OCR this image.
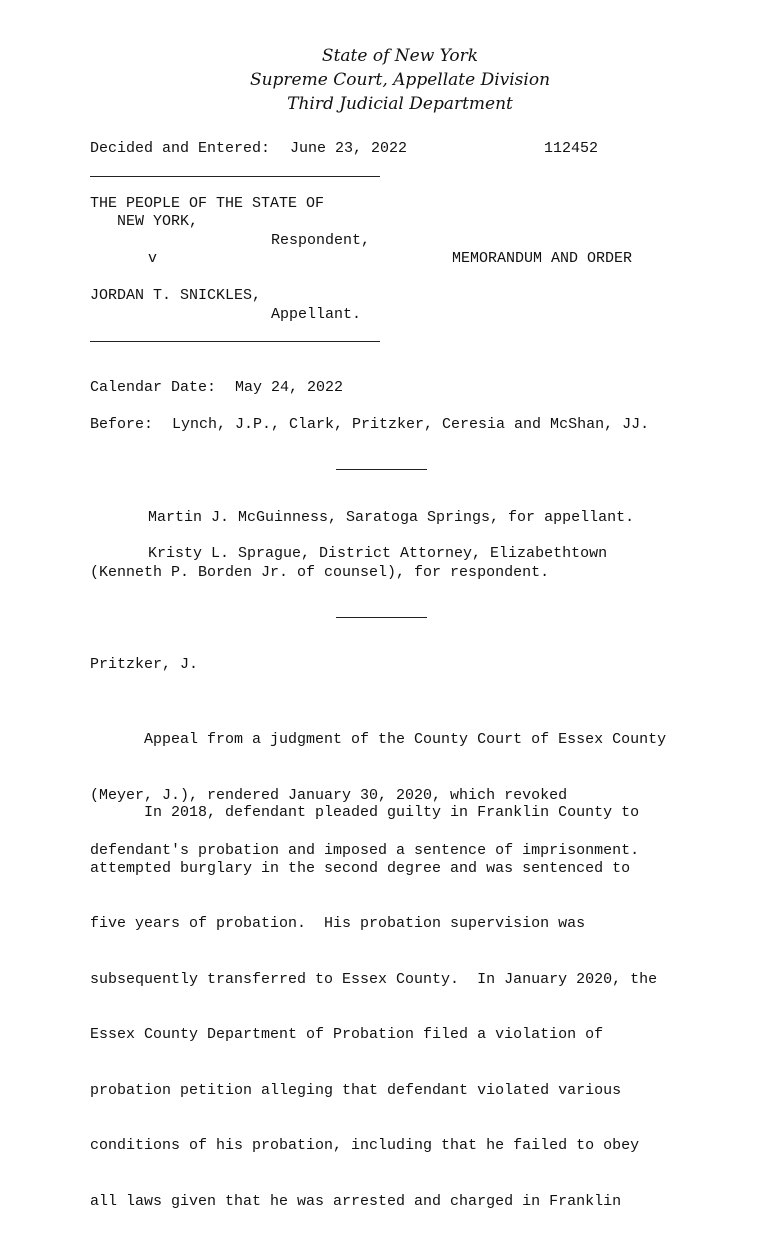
State of New York
Supreme Court, Appellate Division
Third Judicial Department
Decided and Entered: June 23, 2022	112452
THE PEOPLE OF THE STATE OF
NEW YORK,
Respondent,
v	MEMORANDUM AND ORDER
JORDAN T. SNICKLES,
Appellant.
Calendar Date: May 24, 2022
Before: Lynch, J.P., Clark, Pritzker, Ceresia and McShan, JJ.
Martin J. McGuinness, Saratoga Springs, for appellant.
Kristy L. Sprague, District Attorney, Elizabethtown
(Kenneth P. Borden Jr. of counsel), for respondent.
Pritzker, J.

Appeal from a judgment of the County Court of Essex County

(Meyer, J.), rendered January 30, 2020, which revoked

defendant's probation and imposed a sentence of imprisonment.

In 2018, defendant pleaded guilty in Franklin County to

attempted burglary in the second degree and was sentenced to

five years of probation.  His probation supervision was

subsequently transferred to Essex County.  In January 2020, the

Essex County Department of Probation filed a violation of

probation petition alleging that defendant violated various

conditions of his probation, including that he failed to obey

all laws given that he was arrested and charged in Franklin
